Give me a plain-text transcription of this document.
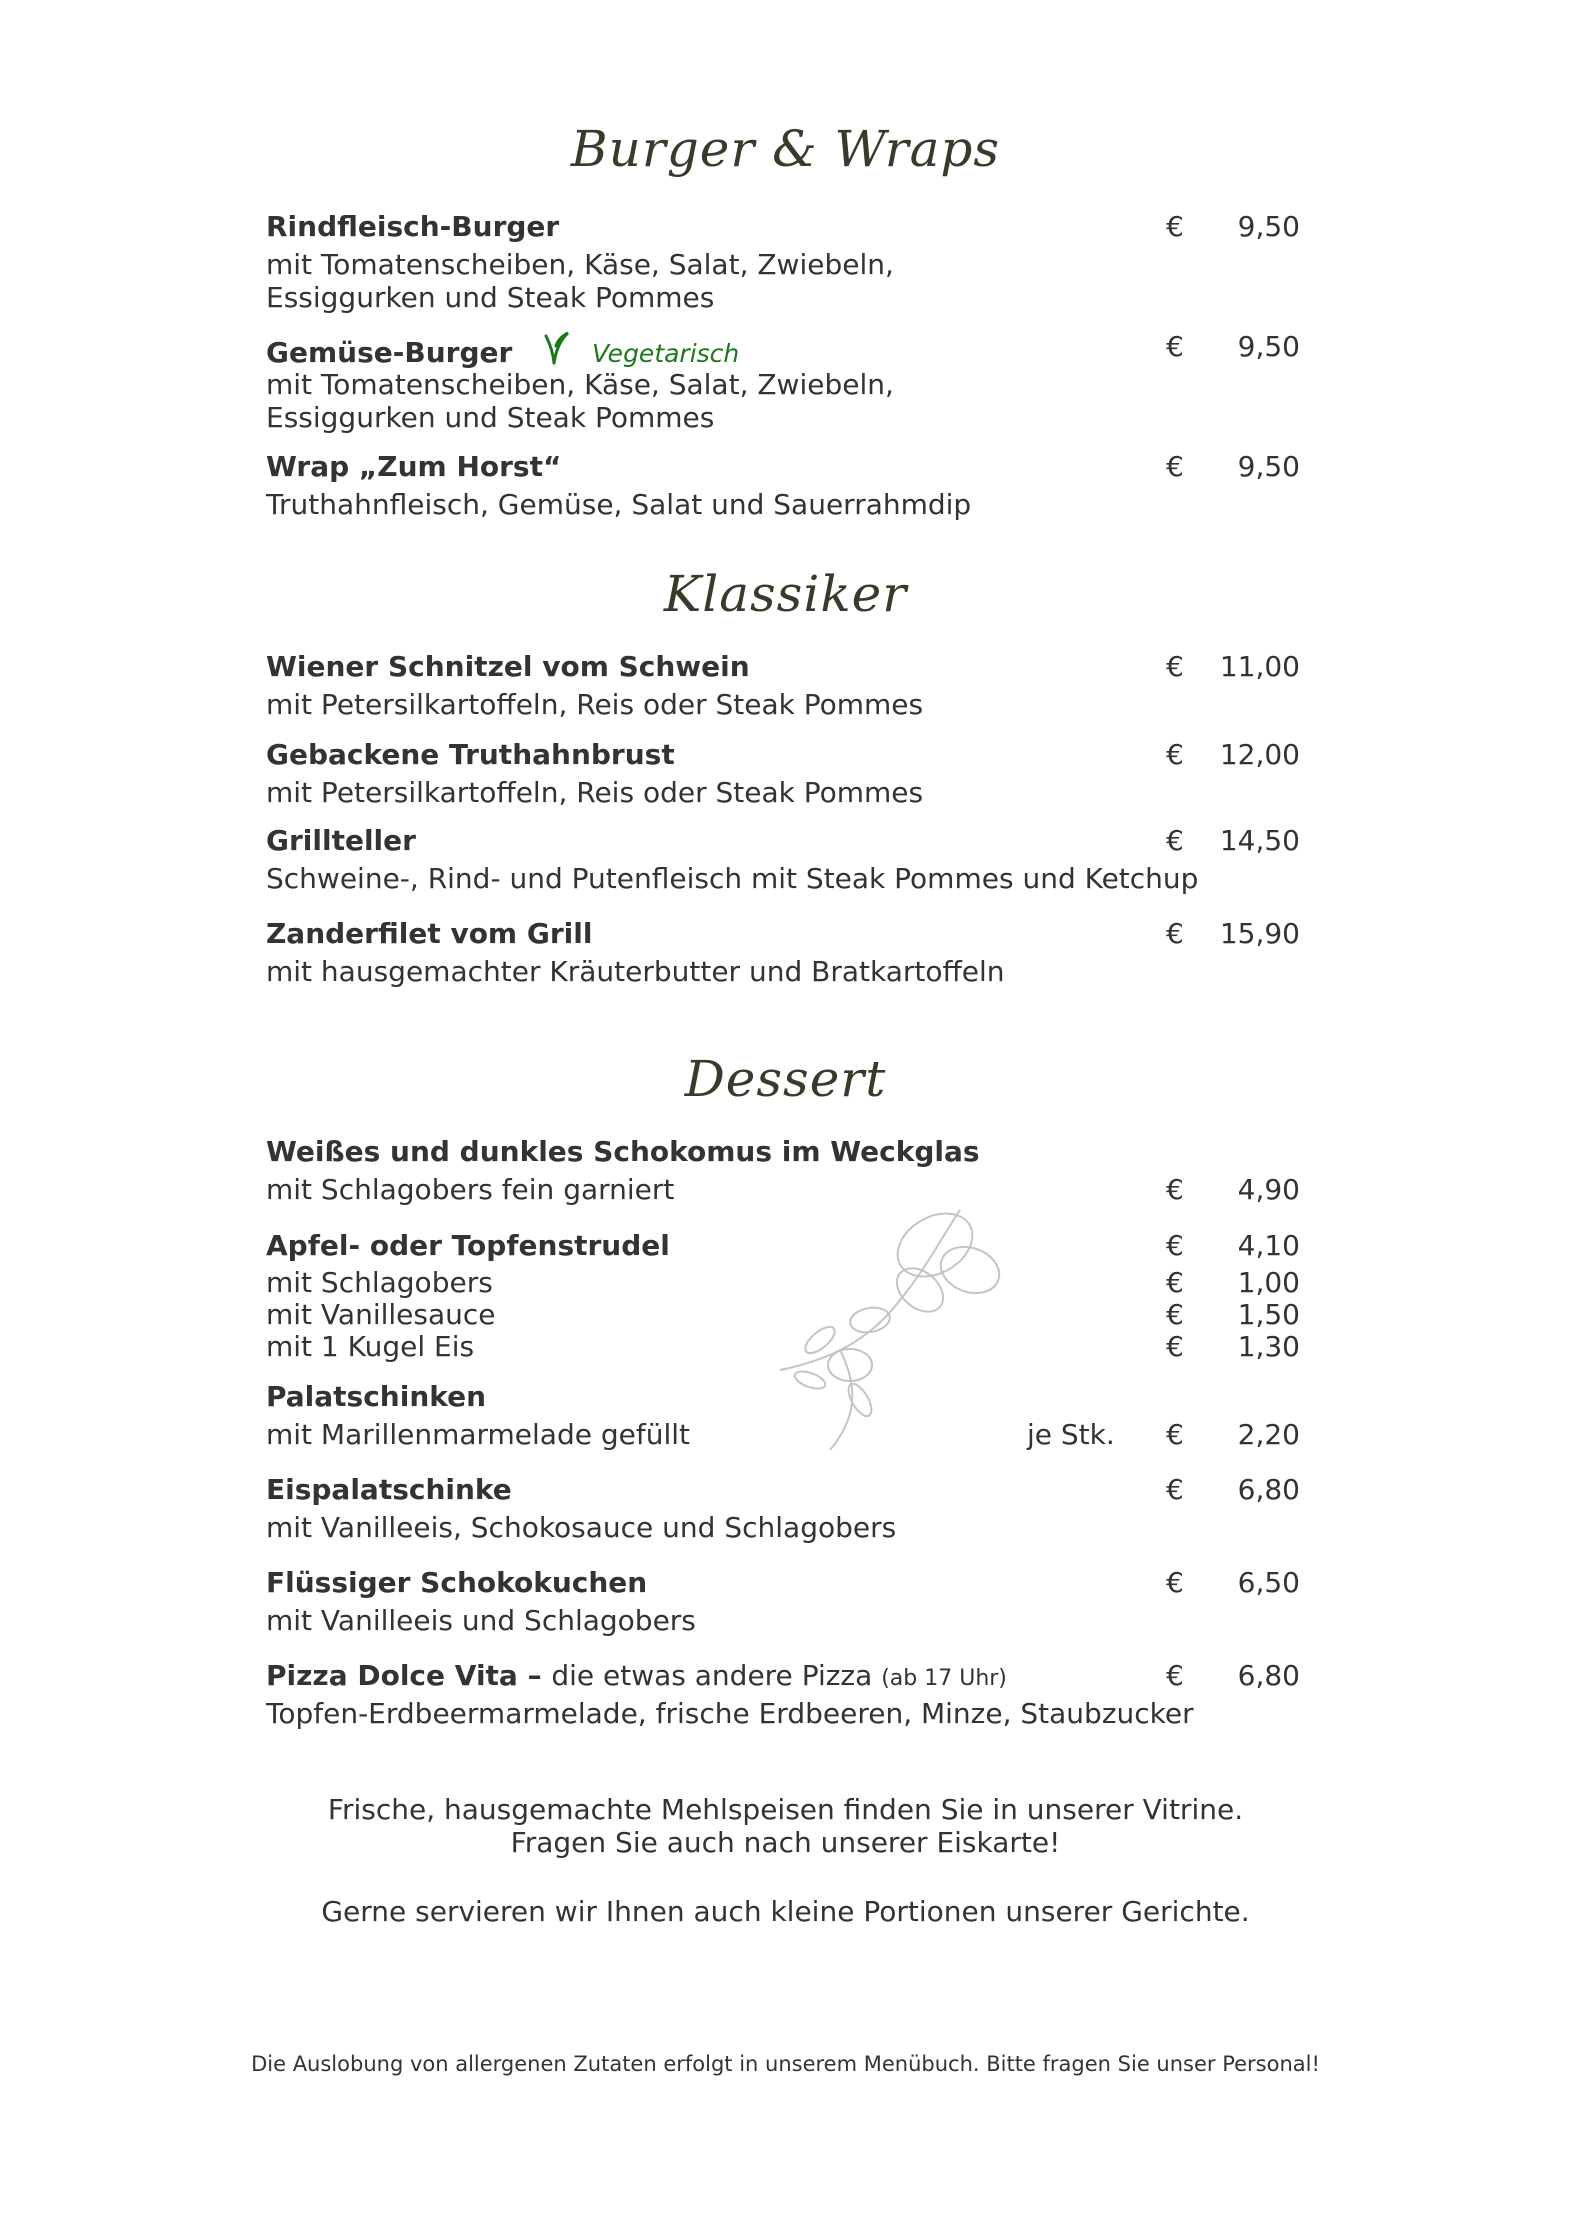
Burger & Wraps
Rindfleisch-Burger	€	9,50
mit Tomatenscheiben, Käse, Salat, Zwiebeln,
Essiggurken und Steak Pommes
Gemüse-Burger	Vegetarisch	€	9,50
mit Tomatenscheiben, Käse, Salat, Zwiebeln,
Essiggurken und Steak Pommes
Wrap „Zum Horst“	€	9,50
Truthahnfleisch, Gemüse, Salat und Sauerrahmdip
Klassiker
Wiener Schnitzel vom Schwein	€	11,00
mit Petersilkartoffeln, Reis oder Steak Pommes
Gebackene Truthahnbrust	€	12,00
mit Petersilkartoffeln, Reis oder Steak Pommes
Grillteller	€	14,50
Schweine-, Rind- und Putenfleisch mit Steak Pommes und Ketchup
Zanderfilet vom Grill	€	15,90
mit hausgemachter Kräuterbutter und Bratkartoffeln
Dessert
Weißes und dunkles Schokomus im Weckglas
mit Schlagobers fein garniert	€	4,90
Apfel- oder Topfenstrudel	€	4,10
mit Schlagobers	€	1,00
mit Vanillesauce	€	1,50
mit 1 Kugel Eis	€	1,30
Palatschinken
mit Marillenmarmelade gefüllt	je Stk. €	2,20
Eispalatschinke	€	6,80
mit Vanilleeis, Schokosauce und Schlagobers
Flüssiger Schokokuchen	€	6,50
mit Vanilleeis und Schlagobers
Pizza Dolce Vita – die etwas andere Pizza (ab 17 Uhr)	€	6,80
Topfen-Erdbeermarmelade, frische Erdbeeren, Minze, Staubzucker
Frische, hausgemachte Mehlspeisen finden Sie in unserer Vitrine.
Fragen Sie auch nach unserer Eiskarte!
Gerne servieren wir Ihnen auch kleine Portionen unserer Gerichte.
Die Auslobung von allergenen Zutaten erfolgt in unserem Menübuch. Bitte fragen Sie unser Personal!
